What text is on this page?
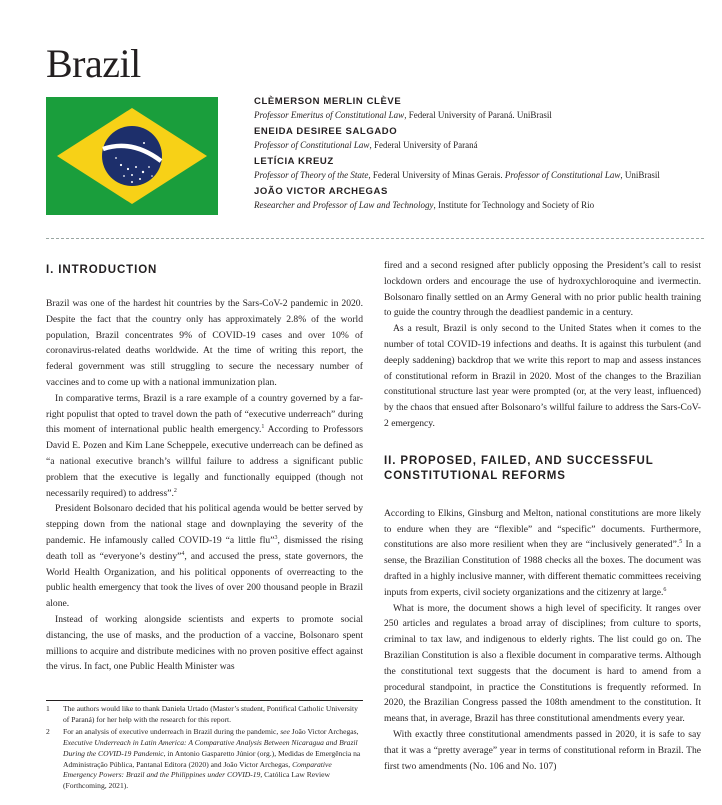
Brazil
CLÈMERSON MERLIN CLÈVE
Professor Emeritus of Constitutional Law, Federal University of Paraná. UniBrasil
ENEIDA DESIREE SALGADO
Professor of Constitutional Law, Federal University of Paraná
LETÍCIA KREUZ
Professor of Theory of the State, Federal University of Minas Gerais. Professor of Constitutional Law, UniBrasil
JOÃO VICTOR ARCHEGAS
Researcher and Professor of Law and Technology, Institute for Technology and Society of Rio
I. INTRODUCTION

Brazil was one of the hardest hit countries by the Sars-CoV-2 pandemic in 2020. Despite the fact that the country only has approximately 2.8% of the world population, Brazil concentrates 9% of COVID-19 cases and over 10% of coronavirus-related deaths worldwide. At the time of writing this report, the federal government was still struggling to secure the necessary number of vaccines and to come up with a national immunization plan.

In comparative terms, Brazil is a rare example of a country governed by a far-right populist that opted to travel down the path of “executive underreach” during this moment of international public health emergency.$^1$ According to Professors David E. Pozen and Kim Lane Scheppele, executive underreach can be defined as “a national executive branch’s willful failure to address a significant public problem that the executive is legally and functionally equipped (though not necessarily required) to address”.$^2$

President Bolsonaro decided that his political agenda would be better served by stepping down from the national stage and downplaying the severity of the pandemic. He infamously called COVID-19 “a little flu”$^3$, dismissed the rising death toll as “everyone’s destiny”$^4$, and accused the press, state governors, the World Health Organization, and his political opponents of overreacting to the public health emergency that took the lives of over 200 thousand people in Brazil alone.

Instead of working alongside scientists and experts to promote social distancing, the use of masks, and the production of a vaccine, Bolsonaro spent millions to acquire and distribute medicines with no proven positive effect against the virus. In fact, one Public Health Minister was

1	The authors would like to thank Daniela Urtado (Master’s student, Pontifical Catholic University of Paraná) for her help with the research for this report.
2	For an analysis of executive underreach in Brazil during the pandemic, see João Victor Archegas, Executive Underreach in Latin America: A Comparative Analysis Between Nicaragua and Brazil During the COVID-19 Pandemic, in Antonio Gasparetto Júnior (org.), Medidas de Emergência na Administração Pública, Pantanal Editora (2020) and João Victor Archegas, Comparative Emergency Powers: Brazil and the Philippines under COVID-19, Católica Law Review (Forthcoming, 2021).

fired and a second resigned after publicly opposing the President’s call to resist lockdown orders and encourage the use of hydroxychloroquine and ivermectin. Bolsonaro finally settled on an Army General with no prior public health training to guide the country through the deadliest pandemic in a century.

As a result, Brazil is only second to the United States when it comes to the number of total COVID-19 infections and deaths. It is against this turbulent (and deeply saddening) backdrop that we write this report to map and assess instances of constitutional reform in Brazil in 2020. Most of the changes to the Brazilian constitutional structure last year were prompted (or, at the very least, influenced) by the chaos that ensued after Bolsonaro’s willful failure to address the Sars-CoV-2 emergency.

II. PROPOSED, FAILED, AND SUCCESSFUL
CONSTITUTIONAL REFORMS

According to Elkins, Ginsburg and Melton, national constitutions are more likely to endure when they are “flexible” and “specific” documents. Furthermore, constitutions are also more resilient when they are “inclusively generated”.$^5$ In a sense, the Brazilian Constitution of 1988 checks all the boxes. The document was drafted in a highly inclusive manner, with different thematic committees receiving inputs from experts, civil society organizations and the citizenry at large.$^6$

What is more, the document shows a high level of specificity. It ranges over 250 articles and regulates a broad array of disciplines; from culture to sports, criminal to tax law, and indigenous to elderly rights. The list could go on. The Brazilian Constitution is also a flexible document in comparative terms. Although the constitutional text suggests that the document is hard to amend from a procedural standpoint, in practice the Constitutions is frequently reformed. In 2020, the Brazilian Congress passed the 108th amendment to the constitution. It means that, in average, Brazil has three constitutional amendments every year.

With exactly three constitutional amendments passed in 2020, it is safe to say that it was a “pretty average” year in terms of constitutional reform in Brazil. The first two amendments (No. 106 and No. 107)
